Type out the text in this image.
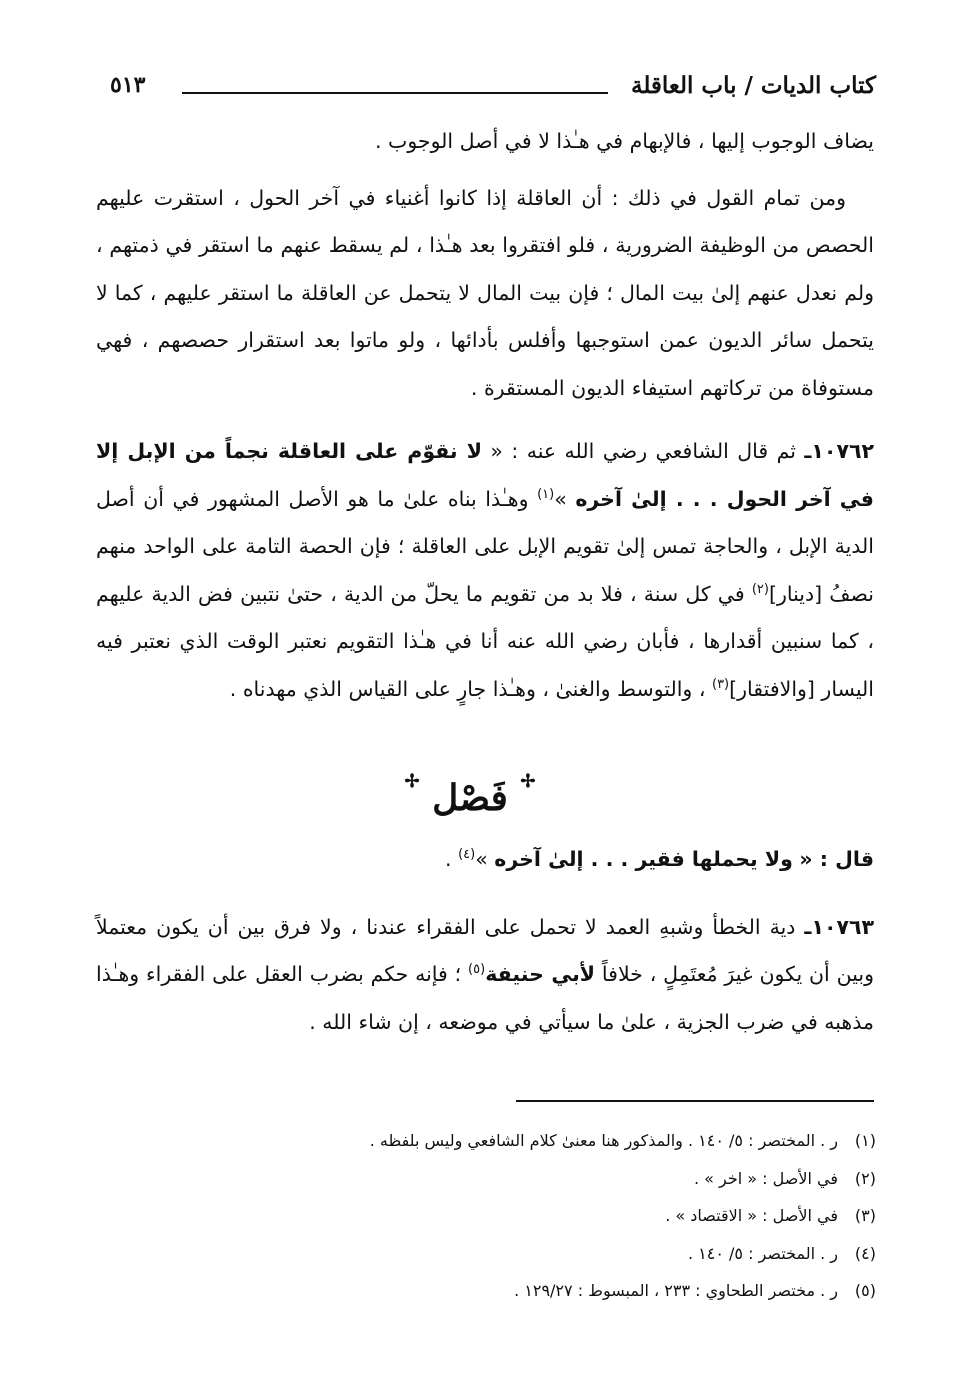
كتاب الديات / باب العاقلة
٥١٣

يضاف الوجوب إليها ، فالإبهام في هـٰذا لا في أصل الوجوب .

ومن تمام القول في ذلك : أن العاقلة إذا كانوا أغنياء في آخر الحول ، استقرت عليهم الحصص من الوظيفة الضرورية ، فلو افتقروا بعد هـٰذا ، لم يسقط عنهم ما استقر في ذمتهم ، ولم نعدل عنهم إلىٰ بيت المال ؛ فإن بيت المال لا يتحمل عن العاقلة ما استقر عليهم ، كما لا يتحمل سائر الديون عمن استوجبها وأفلس بأدائها ، ولو ماتوا بعد استقرار حصصهم ، فهي مستوفاة من تركاتهم استيفاء الديون المستقرة .

١٠٧٦٢ـ ثم قال الشافعي رضي الله عنه : « لا نقوّم على العاقلة نجماً من الإبل إلا في آخر الحول . . . إلىٰ آخره »$^{(١)}$ وهـٰذا بناه علىٰ ما هو الأصل المشهور في أن أصل الدية الإبل ، والحاجة تمس إلىٰ تقويم الإبل على العاقلة ؛ فإن الحصة التامة على الواحد منهم نصفُ [دينار]$^{(٢)}$ في كل سنة ، فلا بد من تقويم ما يحلّ من الدية ، حتىٰ نتبين فض الدية عليهم ، كما سنبين أقدارها ، فأبان رضي الله عنه أنا في هـٰذا التقويم نعتبر الوقت الذي نعتبر فيه اليسار [والافتقار]$^{(٣)}$ ، والتوسط والغنىٰ ، وهـٰذا جارٍ على القياس الذي مهدناه .

✢ فَصْل ✢

قال : « ولا يحملها فقير . . . إلىٰ آخره »$^{(٤)}$ .

١٠٧٦٣ـ دية الخطأ وشبهِ العمد لا تحمل على الفقراء عندنا ، ولا فرق بين أن يكون معتملاً وبين أن يكون غيرَ مُعتَمِلٍ ، خلافاً لأبي حنيفة$^{(٥)}$ ؛ فإنه حكم بضرب العقل على الفقراء وهـٰذا مذهبه في ضرب الجزية ، علىٰ ما سيأتي في موضعه ، إن شاء الله .

(١)ر . المختصر : ٥/ ١٤٠ . والمذكور هنا معنىٰ كلام الشافعي وليس بلفظه .
(٢)في الأصل : « اخر » .
(٣)في الأصل : « الاقتصاد » .
(٤)ر . المختصر : ٥/ ١٤٠ .
(٥)ر . مختصر الطحاوي : ٢٣٣ ، المبسوط : ١٢٩/٢٧ .
